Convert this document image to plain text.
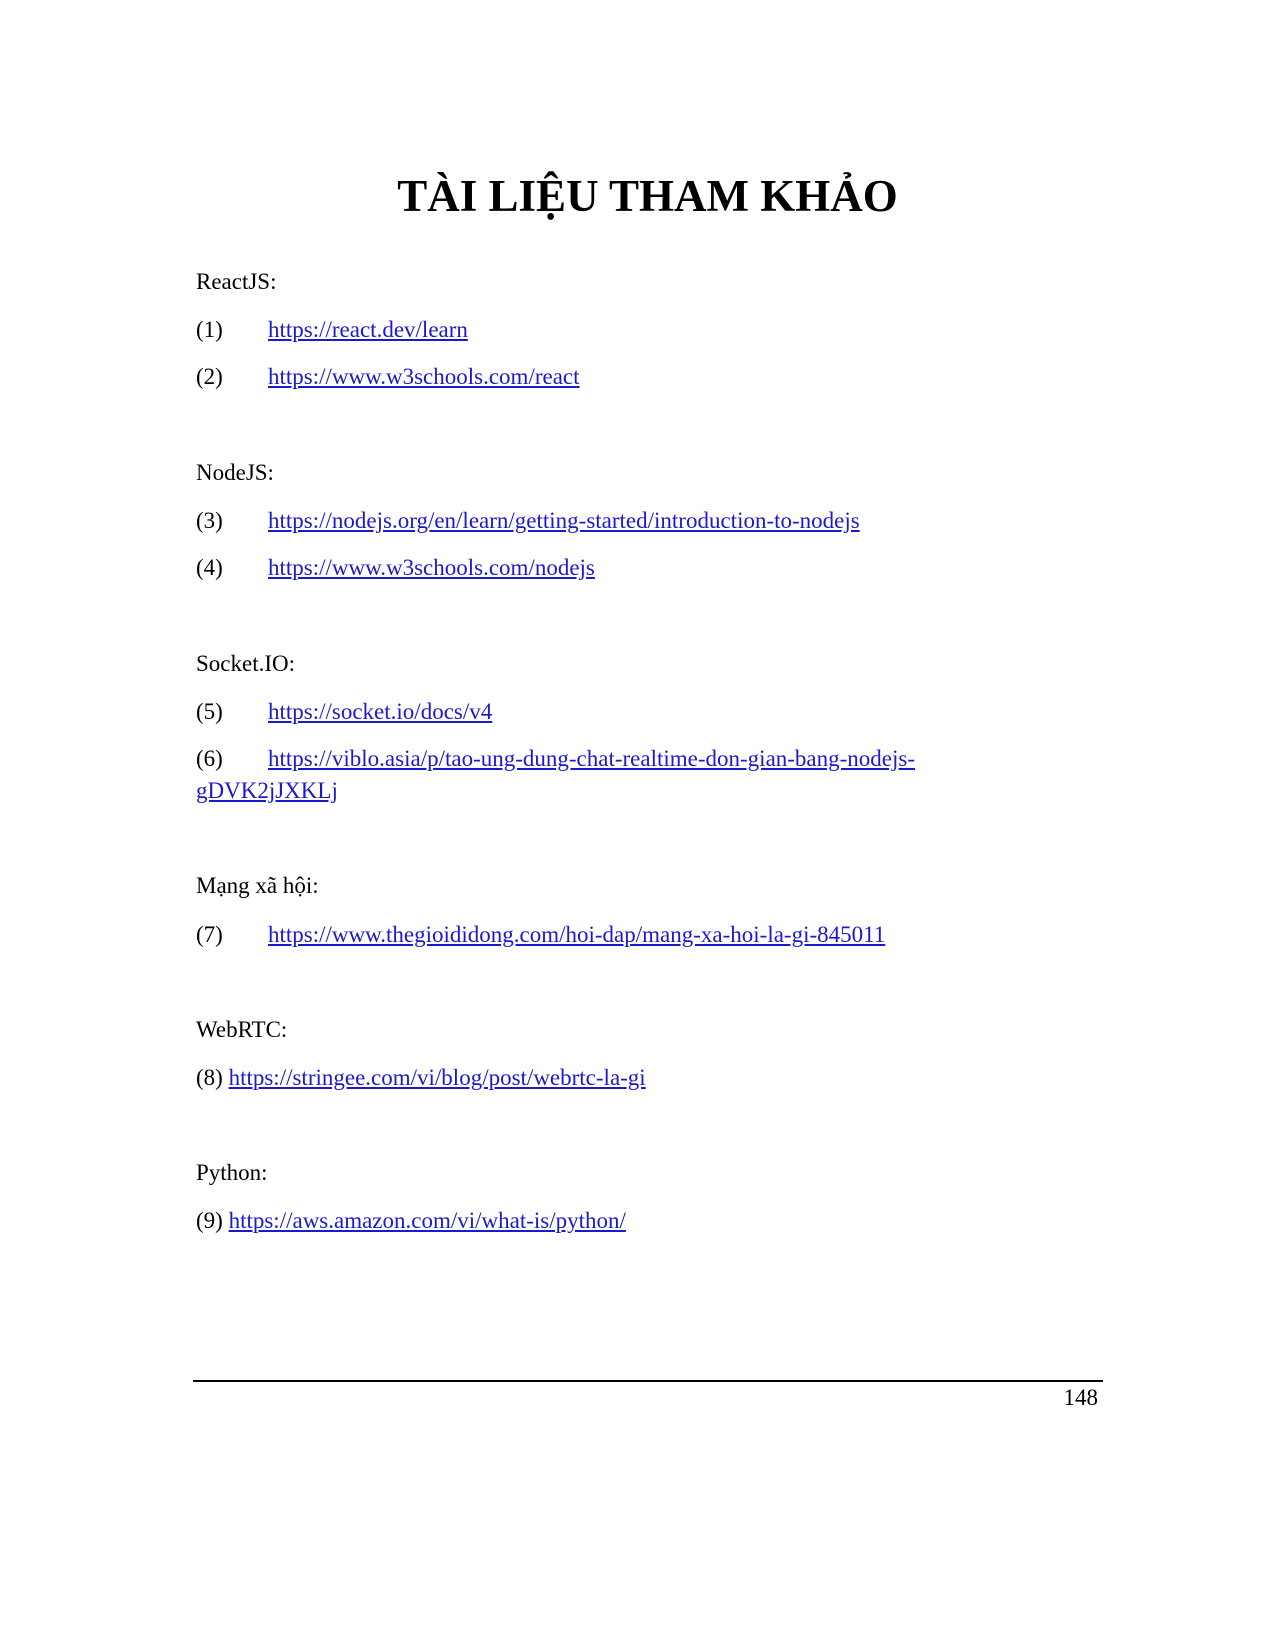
TÀI LIỆU THAM KHẢO
ReactJS:
(1) https://react.dev/learn
(2) https://www.w3schools.com/react
NodeJS:
(3) https://nodejs.org/en/learn/getting-started/introduction-to-nodejs
(4) https://www.w3schools.com/nodejs
Socket.IO:
(5) https://socket.io/docs/v4
(6) https://viblo.asia/p/tao-ung-dung-chat-realtime-don-gian-bang-nodejs-
gDVK2jJXKLj
Mạng xã hội:
(7) https://www.thegioididong.com/hoi-dap/mang-xa-hoi-la-gi-845011
WebRTC:
(8) https://stringee.com/vi/blog/post/webrtc-la-gi
Python:
(9) https://aws.amazon.com/vi/what-is/python/
148
